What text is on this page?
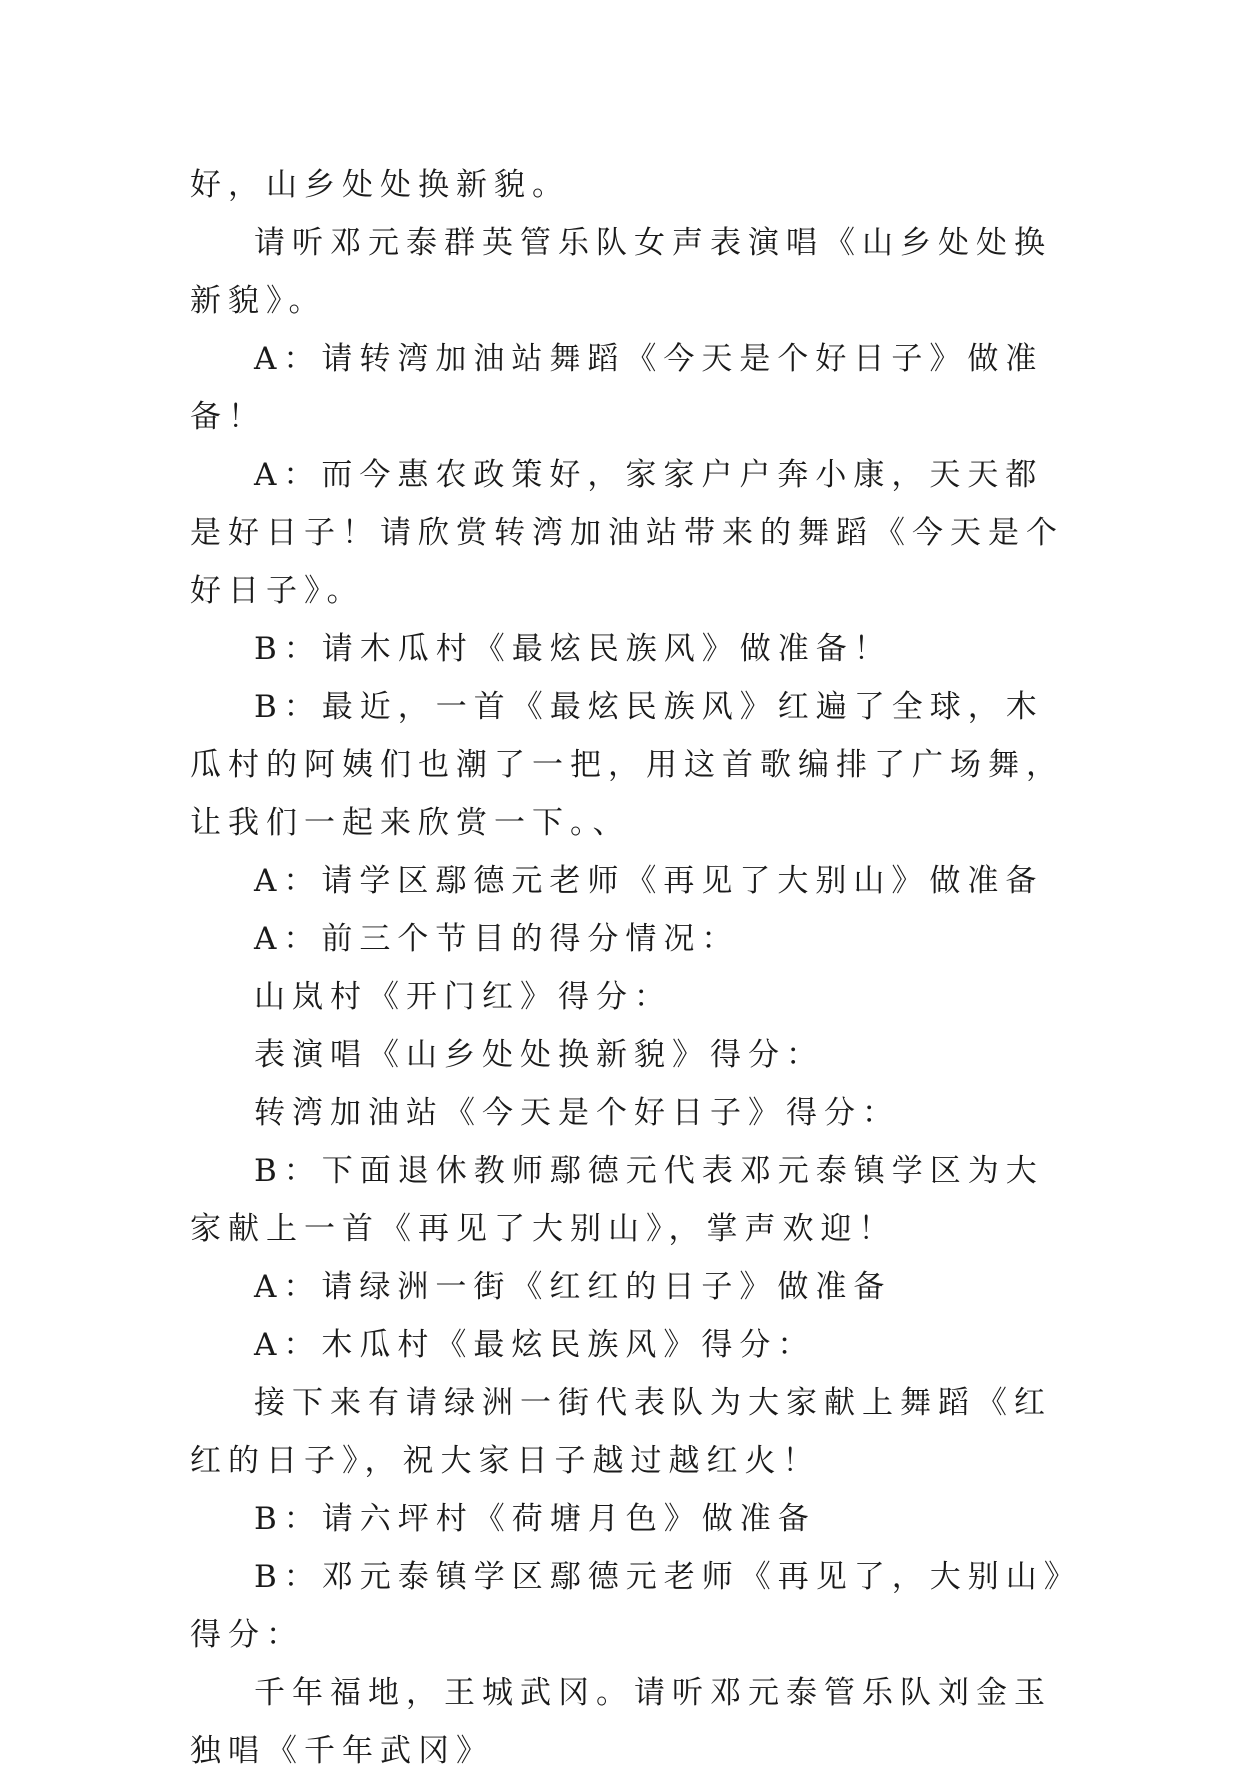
好，山乡处处换新貌。

请听邓元泰群英管乐队女声表演唱《山乡处处换新貌》。

A：请转湾加油站舞蹈《今天是个好日子》做准备！

A：而今惠农政策好，家家户户奔小康，天天都是好日子！请欣赏转湾加油站带来的舞蹈《今天是个好日子》。

B：请木瓜村《最炫民族风》做准备！

B：最近，一首《最炫民族风》红遍了全球，木瓜村的阿姨们也潮了一把，用这首歌编排了广场舞，让我们一起来欣赏一下。、

A：请学区鄢德元老师《再见了大别山》做准备

A：前三个节目的得分情况：

山岚村《开门红》得分：

表演唱《山乡处处换新貌》得分：

转湾加油站《今天是个好日子》得分：

B：下面退休教师鄢德元代表邓元泰镇学区为大家献上一首《再见了大别山》，掌声欢迎！

A：请绿洲一街《红红的日子》做准备

A：木瓜村《最炫民族风》得分：

接下来有请绿洲一街代表队为大家献上舞蹈《红红的日子》，祝大家日子越过越红火！

B：请六坪村《荷塘月色》做准备

B：邓元泰镇学区鄢德元老师《再见了，大别山》得分：

千年福地，王城武冈。请听邓元泰管乐队刘金玉独唱《千年武冈》
